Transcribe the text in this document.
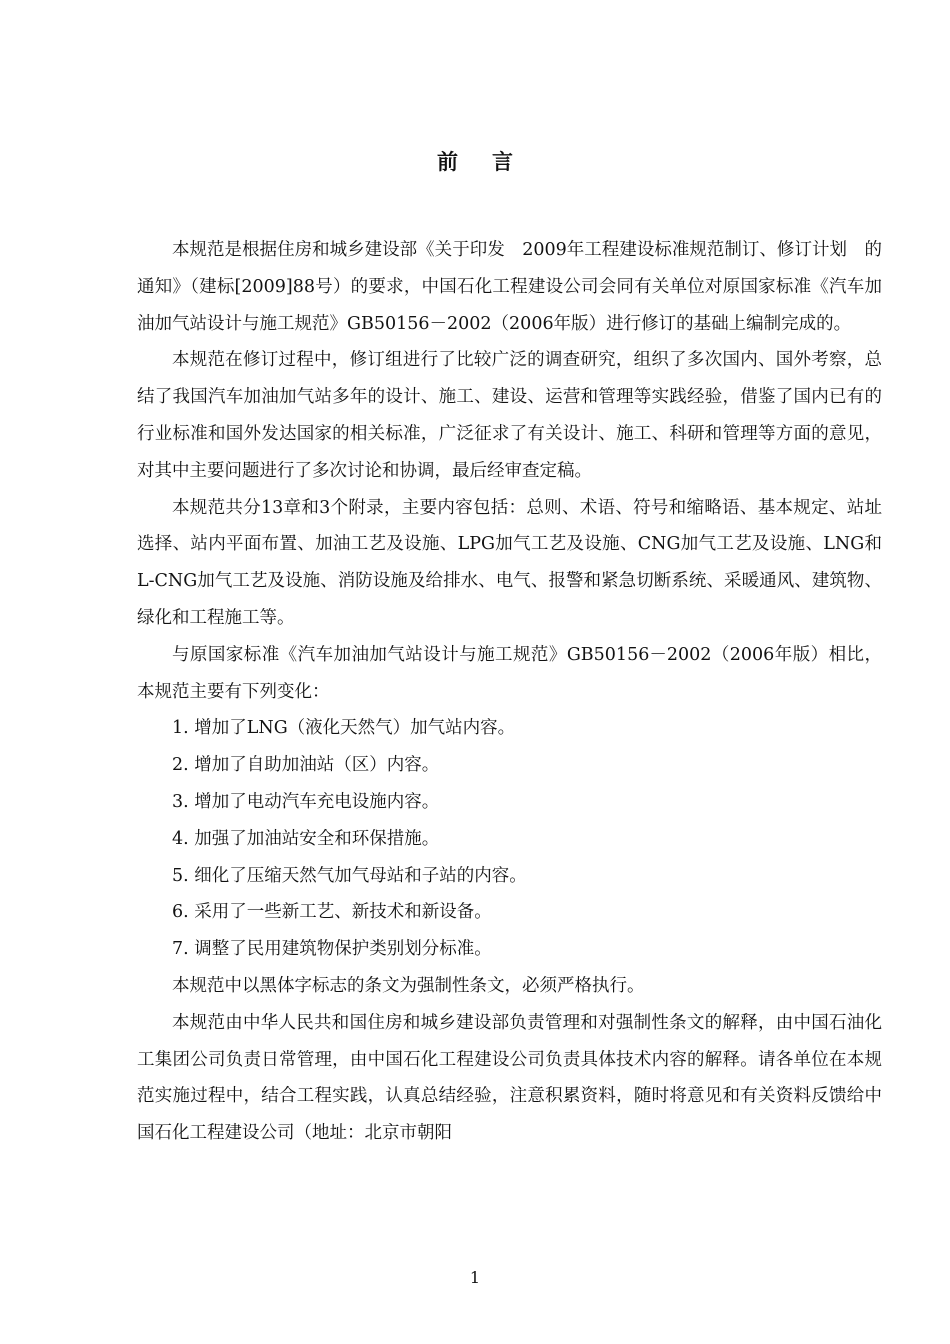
前言

本规范是根据住房和城乡建设部《关于印发　2009年工程建设标准规范制订、修订计划　的通知》（建标[2009]88号）的要求，中国石化工程建设公司会同有关单位对原国家标准《汽车加油加气站设计与施工规范》GB50156－2002（2006年版）进行修订的基础上编制完成的。

本规范在修订过程中，修订组进行了比较广泛的调查研究，组织了多次国内、国外考察，总结了我国汽车加油加气站多年的设计、施工、建设、运营和管理等实践经验，借鉴了国内已有的行业标准和国外发达国家的相关标准，广泛征求了有关设计、施工、科研和管理等方面的意见，对其中主要问题进行了多次讨论和协调，最后经审查定稿。

本规范共分13章和3个附录，主要内容包括：总则、术语、符号和缩略语、基本规定、站址选择、站内平面布置、加油工艺及设施、LPG加气工艺及设施、CNG加气工艺及设施、LNG和L-CNG加气工艺及设施、消防设施及给排水、电气、报警和紧急切断系统、采暖通风、建筑物、绿化和工程施工等。

与原国家标准《汽车加油加气站设计与施工规范》GB50156－2002（2006年版）相比，本规范主要有下列变化：

1. 增加了LNG（液化天然气）加气站内容。

2. 增加了自助加油站（区）内容。

3. 增加了电动汽车充电设施内容。

4. 加强了加油站安全和环保措施。

5. 细化了压缩天然气加气母站和子站的内容。

6. 采用了一些新工艺、新技术和新设备。

7. 调整了民用建筑物保护类别划分标准。

本规范中以黑体字标志的条文为强制性条文，必须严格执行。

本规范由中华人民共和国住房和城乡建设部负责管理和对强制性条文的解释，由中国石油化工集团公司负责日常管理，由中国石化工程建设公司负责具体技术内容的解释。请各单位在本规范实施过程中，结合工程实践，认真总结经验，注意积累资料，随时将意见和有关资料反馈给中国石化工程建设公司（地址：北京市朝阳

1
